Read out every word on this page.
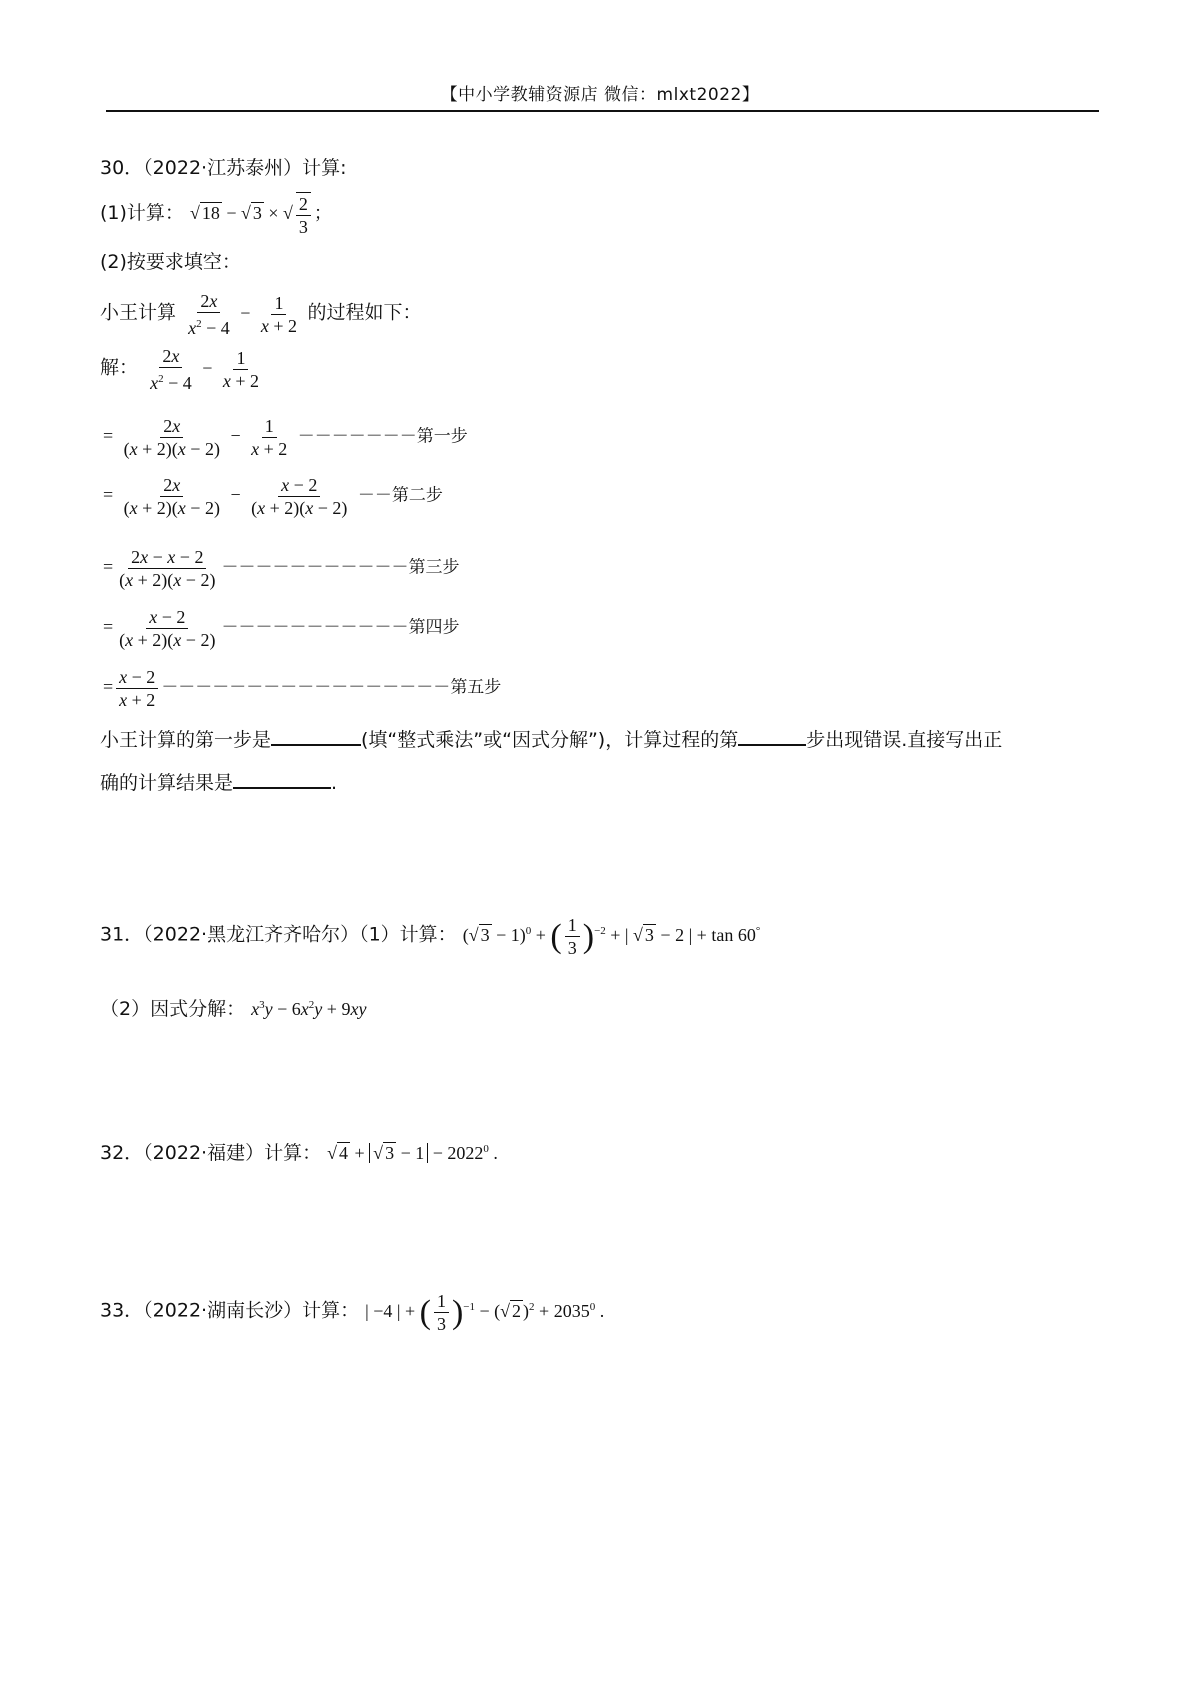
【中小学教辅资源店 微信：mlxt2022】
30．（2022·江苏泰州）计算:
(1)计算： √ 18 − √ 3 × √ $\frac{2}{3}$ ；
(2)按要求填空：
小王计算 $\frac{2x}{x^2 - 4} - \frac{1}{x + 2}$ 的过程如下：
解： $\frac{2x}{x^2 - 4} - \frac{1}{x + 2}$
= $\frac{2x}{(x + 2)(x - 2)} - \frac{1}{x + 2}$ －－－－－－－第一步
= $\frac{2x}{(x + 2)(x - 2)} - \frac{x - 2}{(x + 2)(x - 2)}$ －－第二步
= $\frac{2x - x - 2}{(x + 2)(x - 2)}$ －－－－－－－－－－－第三步
= $\frac{x - 2}{(x + 2)(x - 2)}$ －－－－－－－－－－－第四步
= $\frac{x - 2}{x + 2}$ －－－－－－－－－－－－－－－－－第五步
小王计算的第一步是	(填“整式乘法”或“因式分解”)，计算过程的第	步出现错误.直接写出正
确的计算结果是	.
31．（2022·黑龙江齐齐哈尔）（1）计算： (√ 3 − 1)$^0$ + ( $\frac{1}{3} )^{-2}$ + | √ 3 − 2 | + tan 60°
（2）因式分解： $x^3y - 6x^2y + 9xy$
32．（2022·福建）计算： √ 4 + √ $3 - 1 - 2022^0$ .
33．（2022·湖南长沙）计算： | −4 | + ( $\frac{1}{3} )^{-1}$ − (√ 2 )$^2 + 2035^0$ .
